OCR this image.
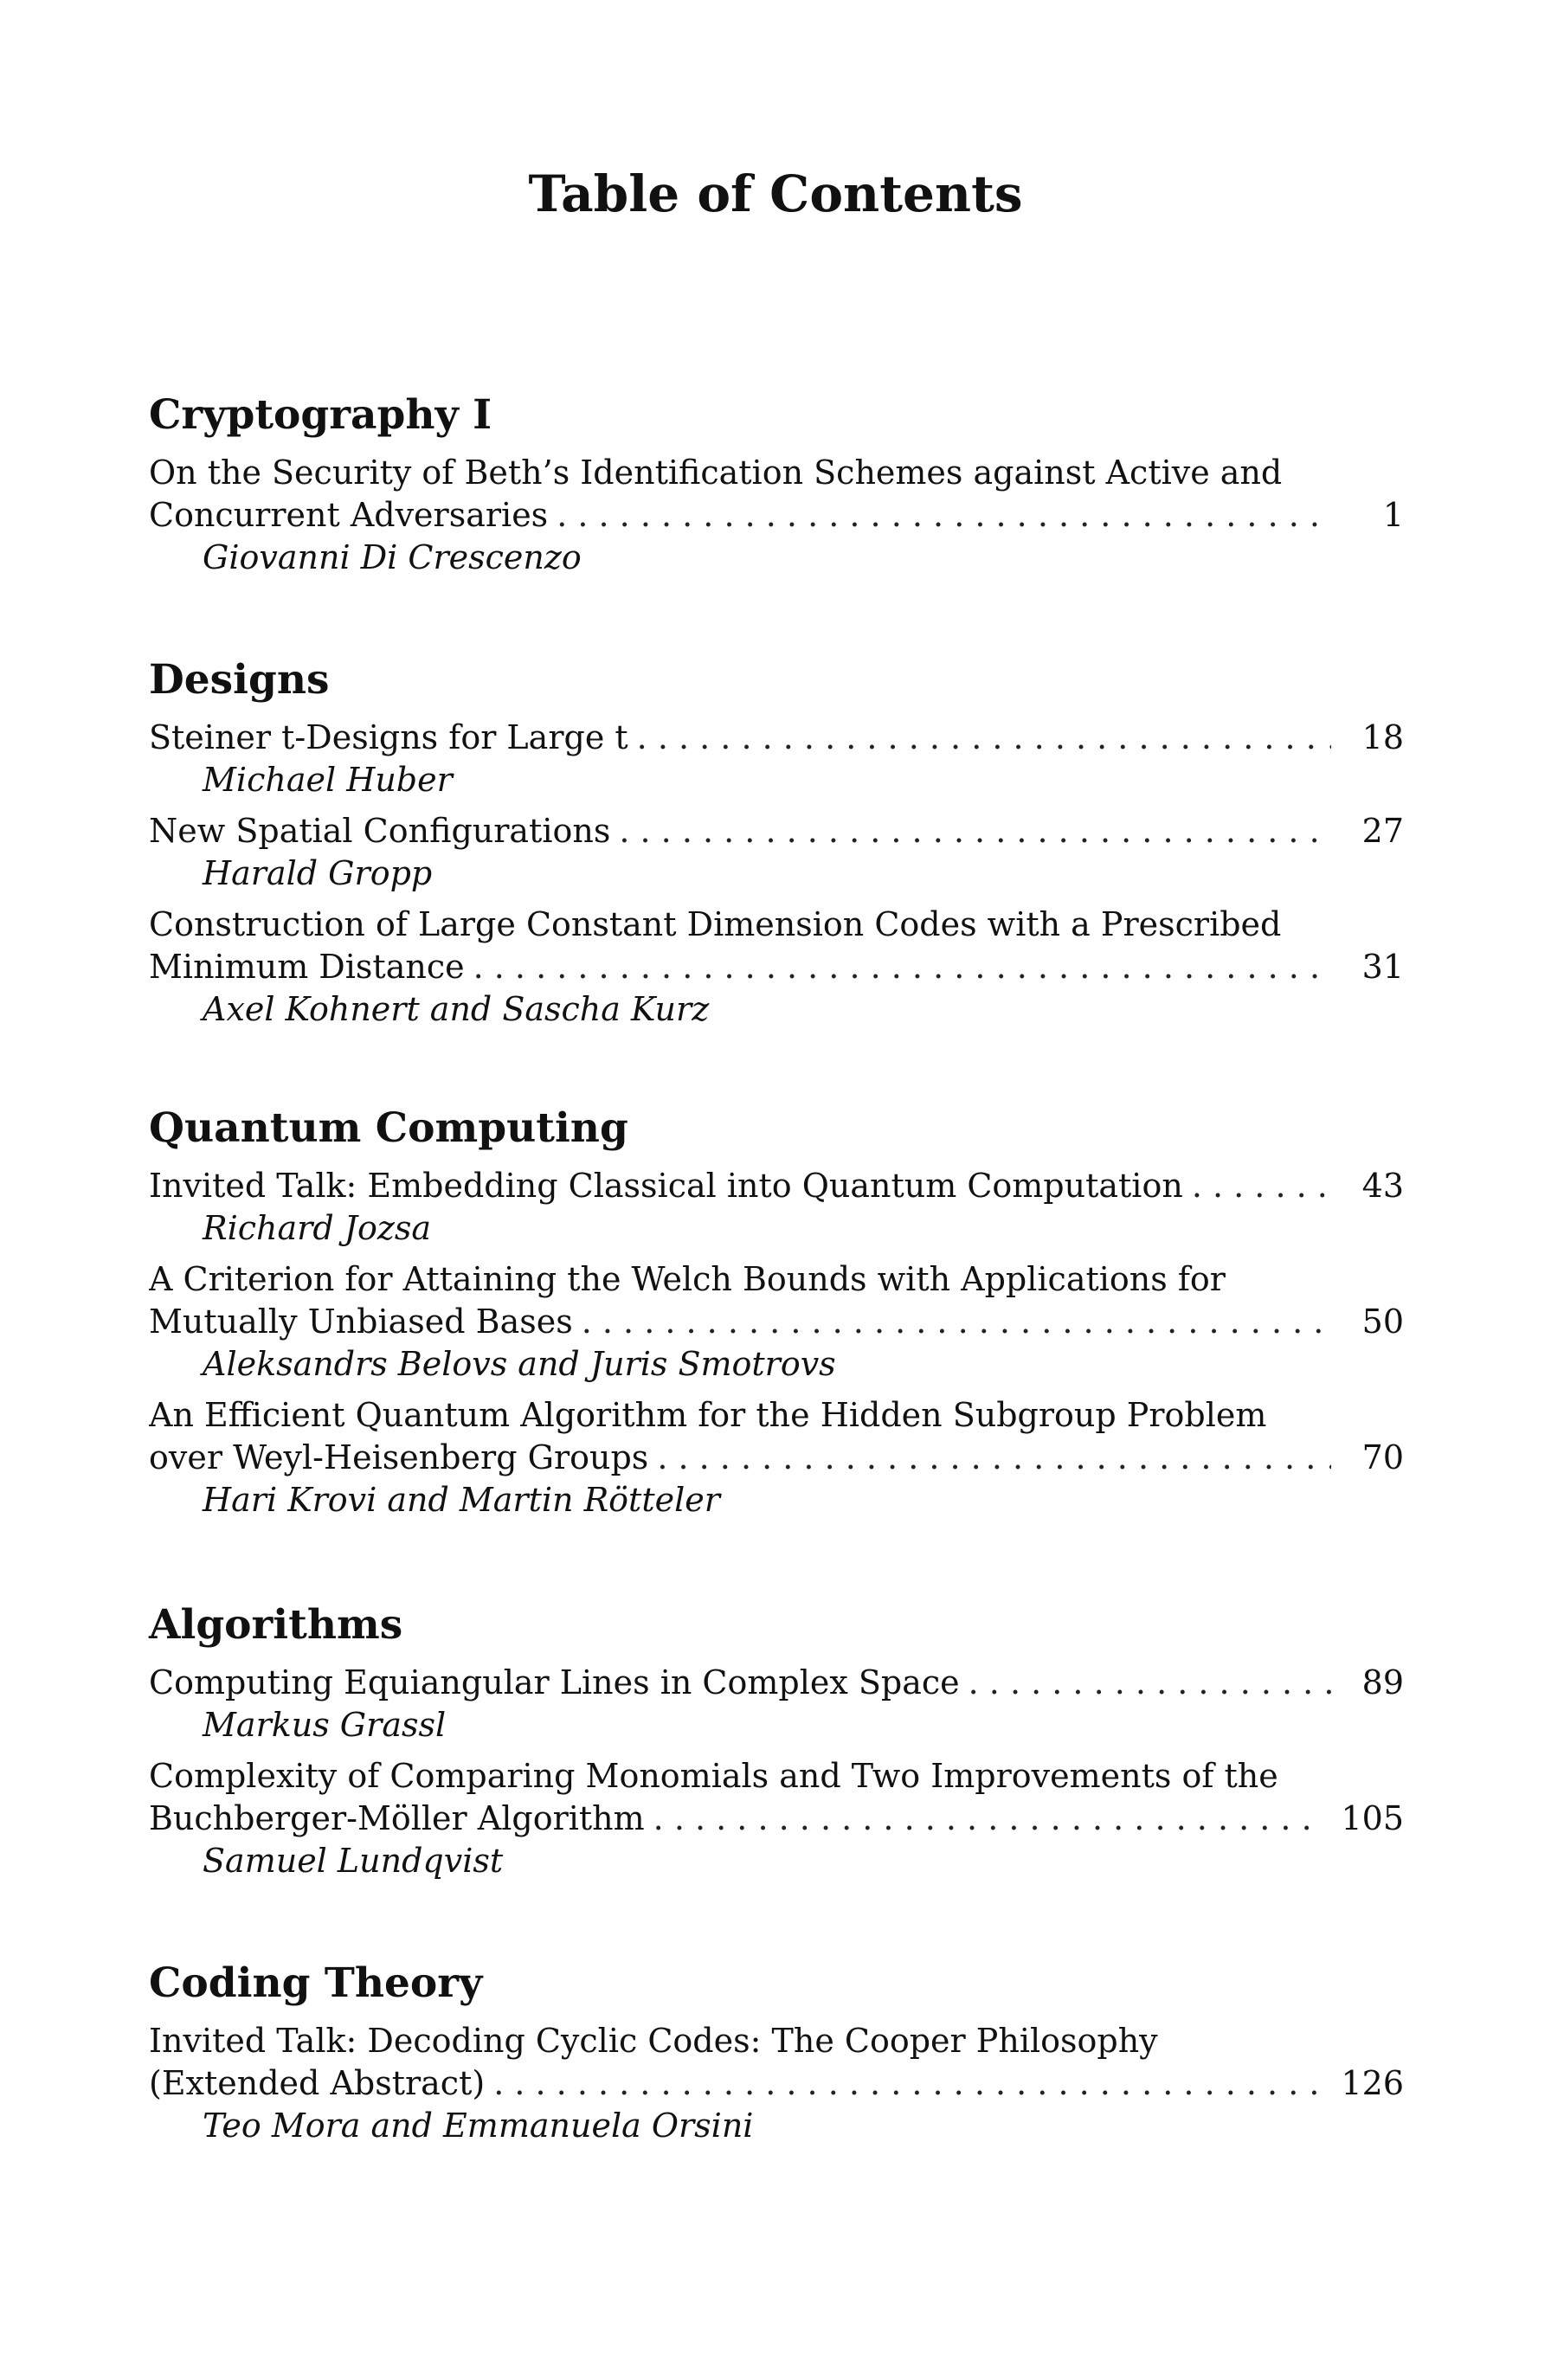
Table of Contents
Cryptography I
On the Security of Beth’s Identification Schemes against Active and
Concurrent Adversaries . . .	1
Giovanni Di Crescenzo
Designs
Steiner t-Designs for Large t . . .	18
Michael Huber
New Spatial Configurations . . .	27
Harald Gropp
Construction of Large Constant Dimension Codes with a Prescribed
Minimum Distance . . .	31
Axel Kohnert and Sascha Kurz
Quantum Computing
Invited Talk: Embedding Classical into Quantum Computation . . .	43
Richard Jozsa
A Criterion for Attaining the Welch Bounds with Applications for
Mutually Unbiased Bases . . .	50
Aleksandrs Belovs and Juris Smotrovs
An Efficient Quantum Algorithm for the Hidden Subgroup Problem
over Weyl-Heisenberg Groups . . .	70
Hari Krovi and Martin Rötteler
Algorithms
Computing Equiangular Lines in Complex Space . . .	89
Markus Grassl
Complexity of Comparing Monomials and Two Improvements of the
Buchberger-Möller Algorithm . . .	105
Samuel Lundqvist
Coding Theory
Invited Talk: Decoding Cyclic Codes: The Cooper Philosophy
(Extended Abstract) . . .	126
Teo Mora and Emmanuela Orsini
